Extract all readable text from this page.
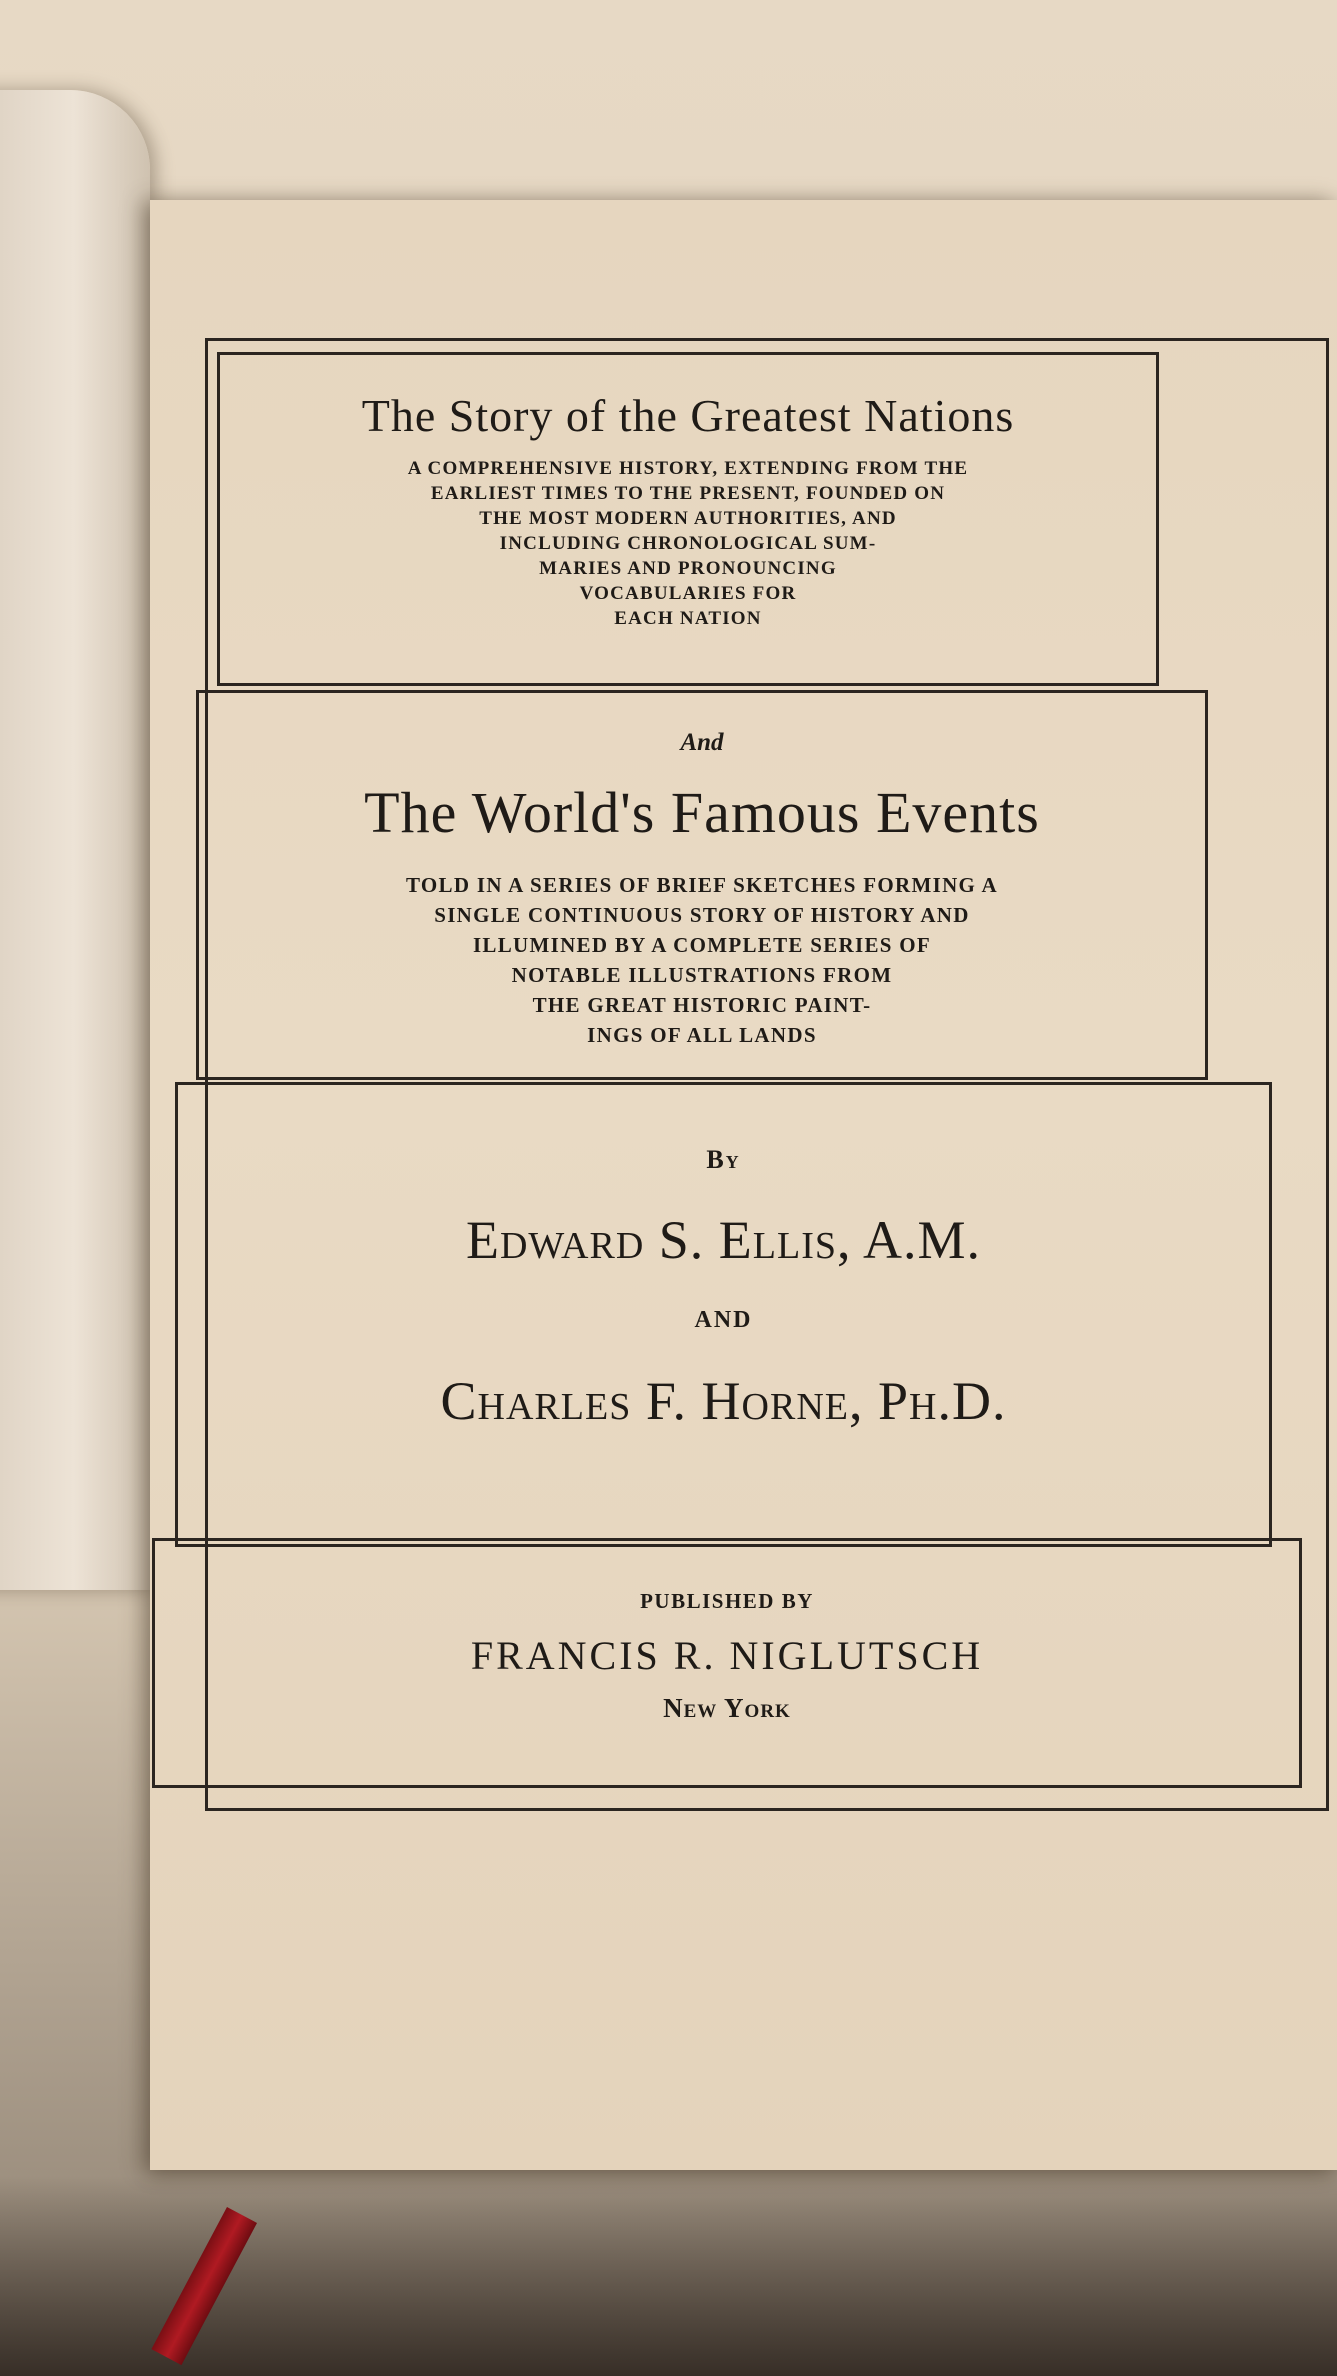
The Story of the Greatest Nations

A COMPREHENSIVE HISTORY, EXTENDING FROM THE

EARLIEST TIMES TO THE PRESENT, FOUNDED ON

THE MOST MODERN AUTHORITIES, AND

INCLUDING CHRONOLOGICAL SUM-

MARIES AND PRONOUNCING

VOCABULARIES FOR

EACH NATION

And

The World's Famous Events

TOLD IN A SERIES OF BRIEF SKETCHES FORMING A

SINGLE CONTINUOUS STORY OF HISTORY AND

ILLUMINED BY A COMPLETE SERIES OF

NOTABLE ILLUSTRATIONS FROM

THE GREAT HISTORIC PAINT-

INGS OF ALL LANDS

By

Edward S. Ellis, A.M.

AND

Charles F. Horne, Ph.D.

PUBLISHED BY

FRANCIS R. NIGLUTSCH

New York
